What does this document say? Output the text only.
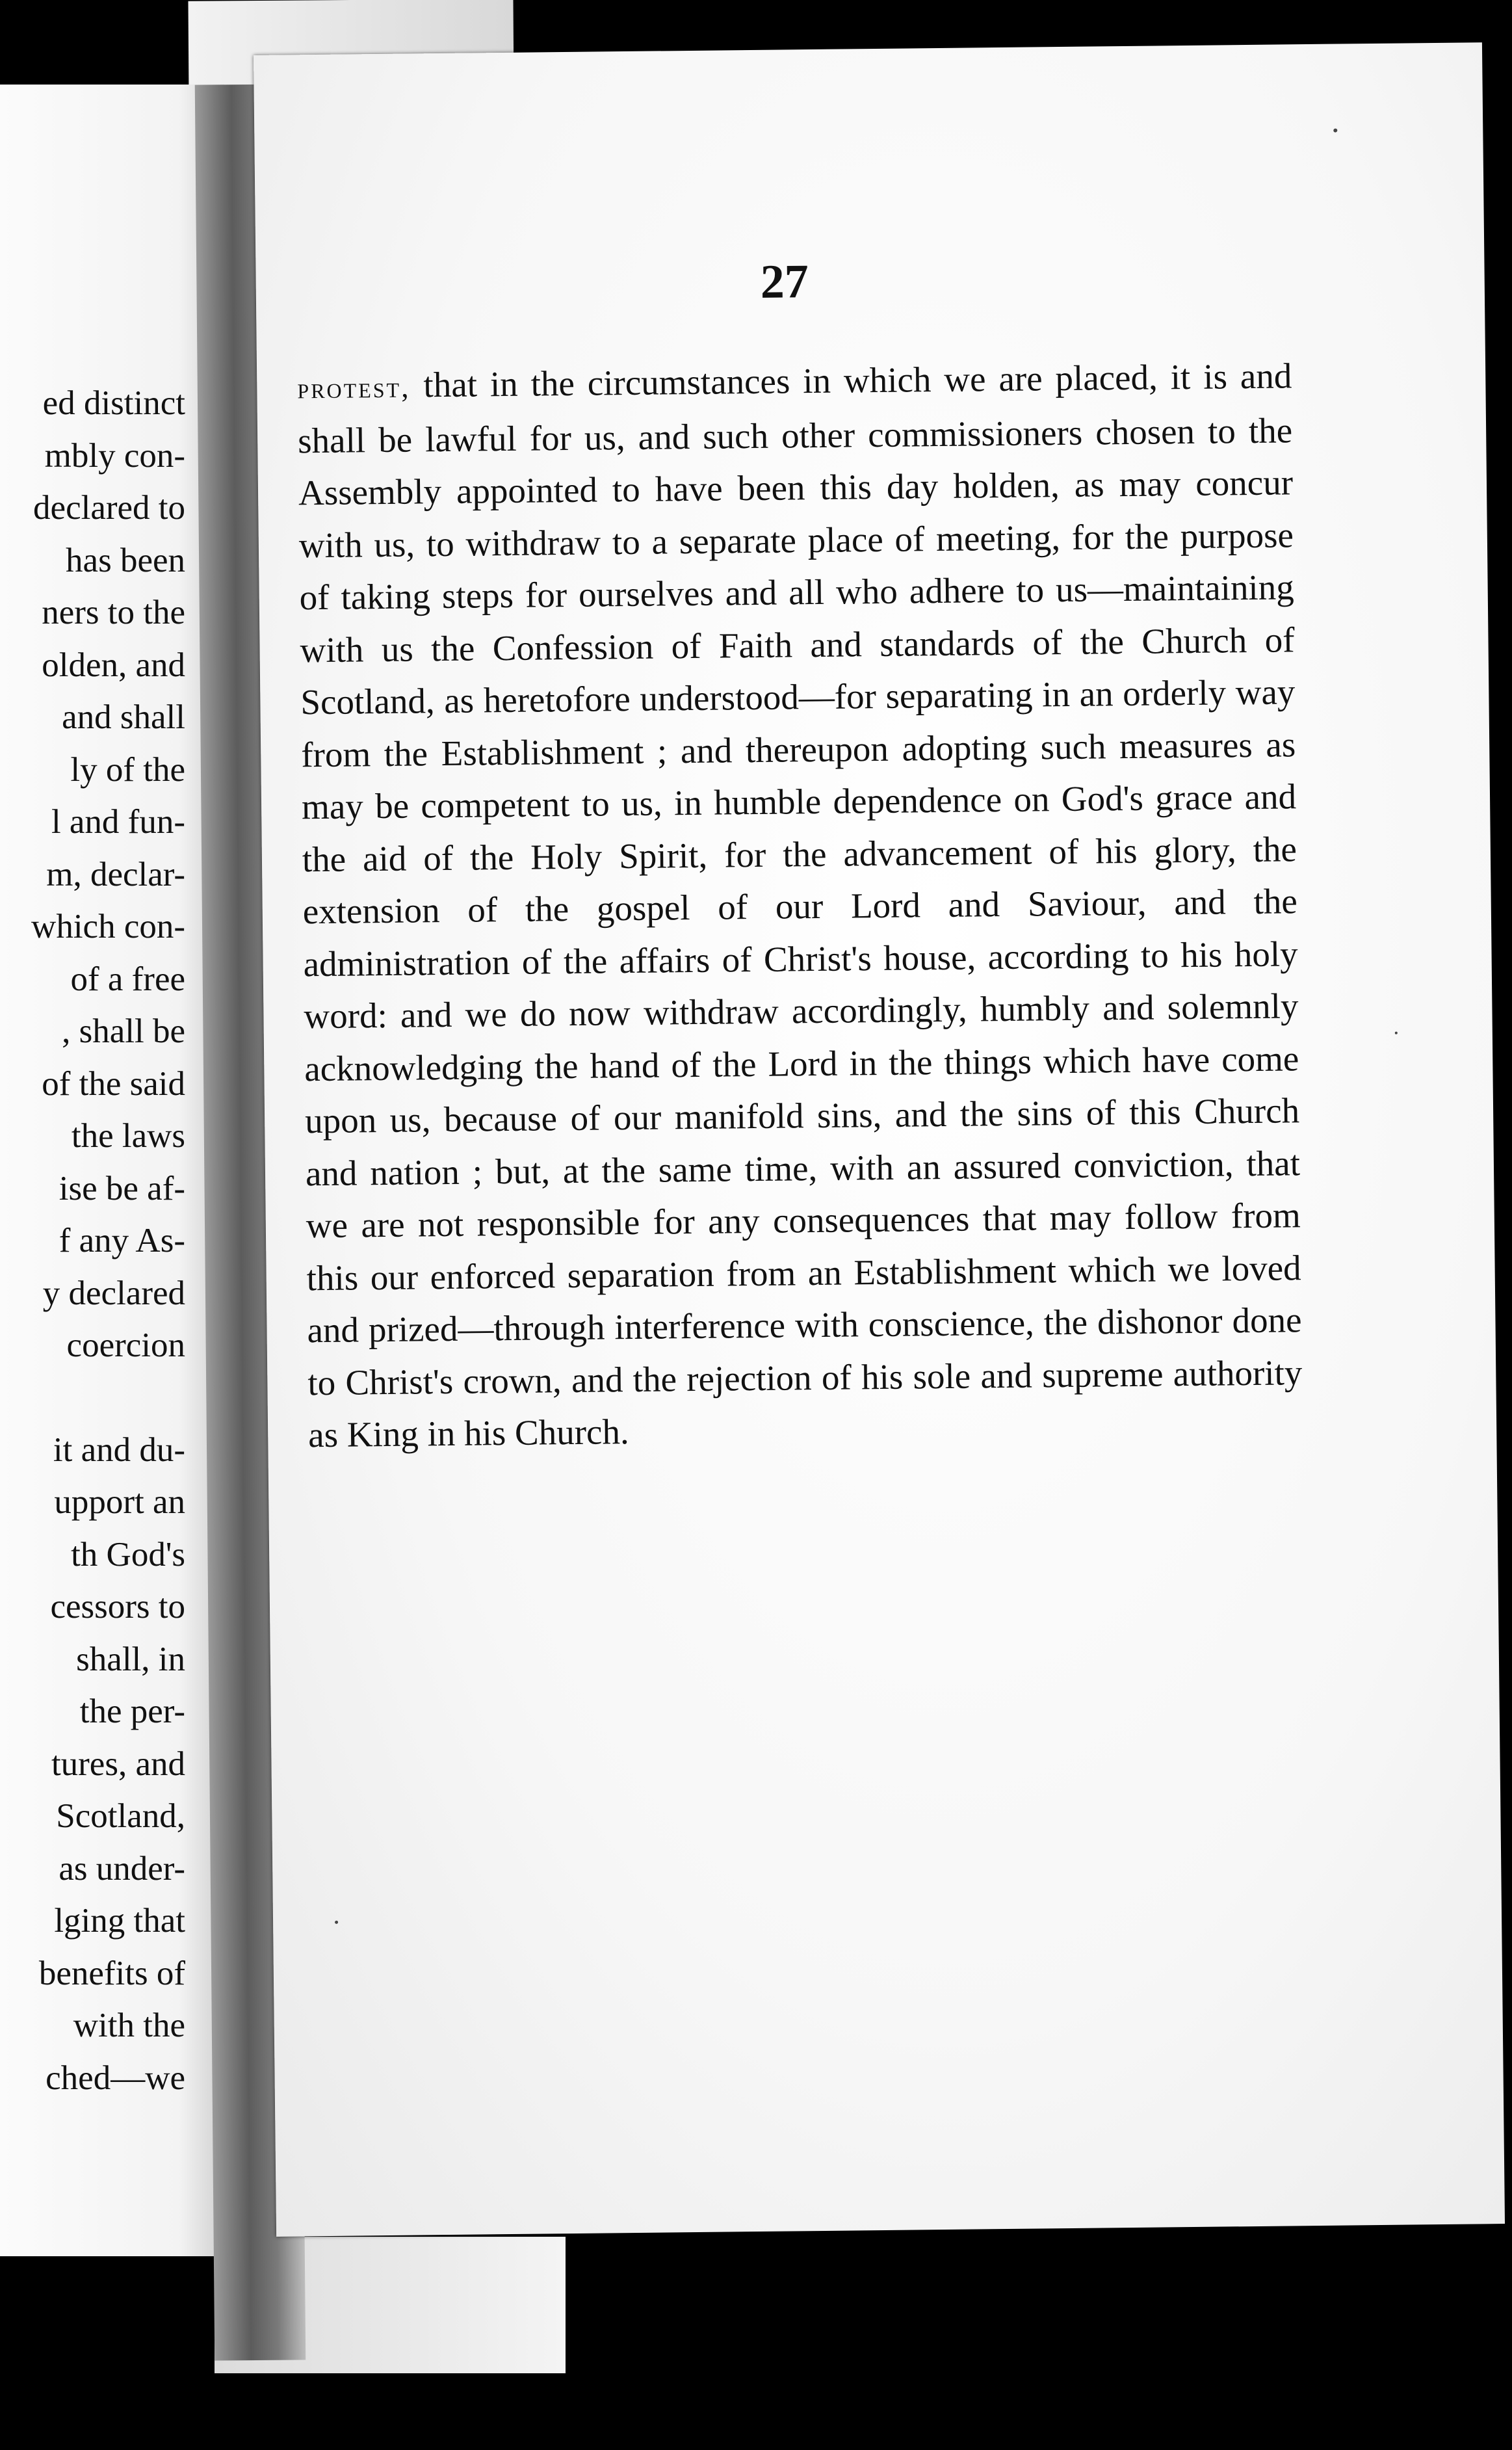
ed distinct
mbly con-
declared to
has been
ners to the
olden, and
and shall
ly of the
l and fun-
m, declar-
which con-
of a free
, shall be
of the said
the laws
ise be af-
f any As-
y declared
coercion
it and du-
upport an
th God's
cessors to
shall, in
the per-
tures, and
Scotland,
as under-
lging that
benefits of
with the
ched—we
27
protest, that in the circumstances in which we are placed, it is and shall be lawful for us, and such other commissioners chosen to the Assembly appointed to have been this day holden, as may concur with us, to withdraw to a separate place of meeting, for the purpose of taking steps for ourselves and all who adhere to us—maintaining with us the Confession of Faith and standards of the Church of Scotland, as heretofore understood—for separating in an orderly way from the Establishment ; and thereupon adopting such measures as may be competent to us, in humble dependence on God's grace and the aid of the Holy Spirit, for the advancement of his glory, the extension of the gospel of our Lord and Saviour, and the administration of the affairs of Christ's house, according to his holy word: and we do now withdraw accordingly, humbly and solemnly acknowledging the hand of the Lord in the things which have come upon us, because of our manifold sins, and the sins of this Church and nation ; but, at the same time, with an assured conviction, that we are not responsible for any consequences that may follow from this our enforced separation from an Establishment which we loved and prized—through interference with conscience, the dishonor done to Christ's crown, and the rejection of his sole and supreme authority as King in his Church.
